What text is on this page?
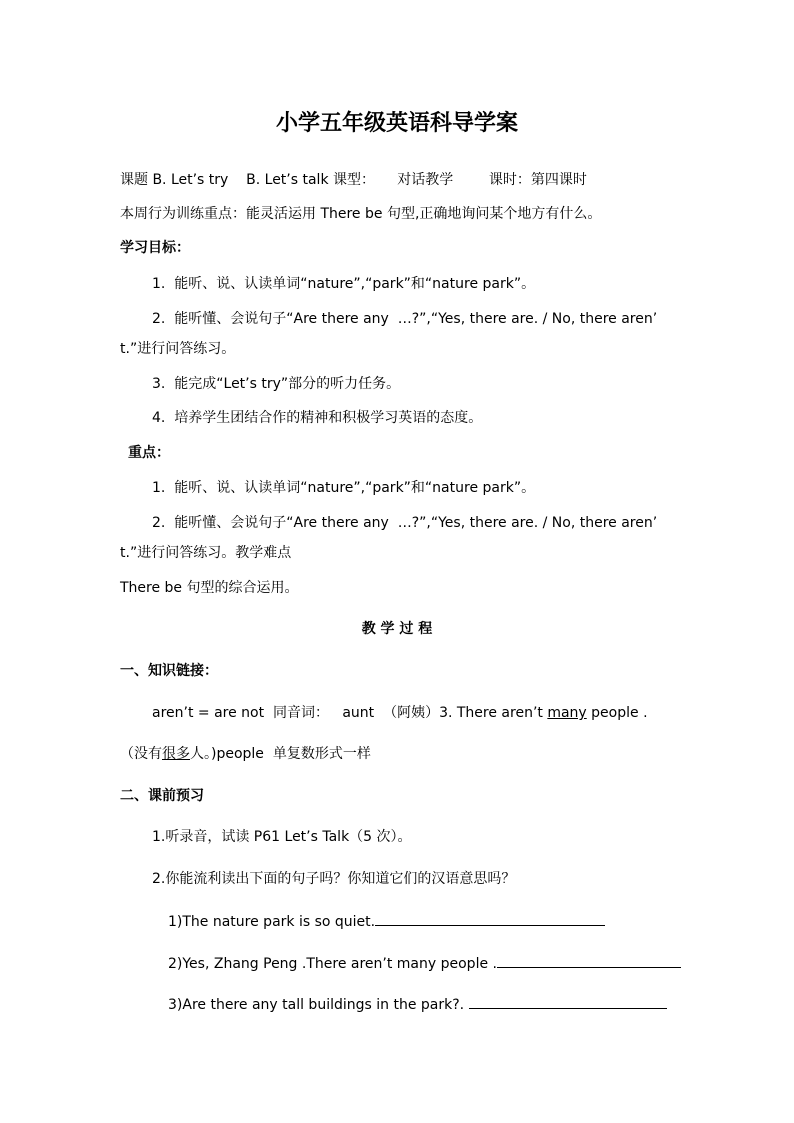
小学五年级英语科导学案
课题 B. Let’s try    B. Let’s talk 课型：     对话教学        课时：第四课时
本周行为训练重点：能灵活运用 There be 句型,正确地询问某个地方有什么。
学习目标：
1.  能听、说、认读单词“nature”,“park”和“nature park”。
2.  能听懂、会说句子“Are there any  …?”,“Yes, there are. / No, there aren’
t.”进行问答练习。
3.  能完成“Let’s try”部分的听力任务。
4.  培养学生团结合作的精神和积极学习英语的态度。
重点：
1.  能听、说、认读单词“nature”,“park”和“nature park”。
2.  能听懂、会说句子“Are there any  …?”,“Yes, there are. / No, there aren’
t.”进行问答练习。教学难点
There be 句型的综合运用。
教 学 过 程
一、知识链接：
aren’t = are not  同音词：   aunt  （阿姨）3. There aren’t many people .
（没有很多人。)people  单复数形式一样
二、课前预习
1.听录音，试读 P61 Let’s Talk（5 次）。
2.你能流利读出下面的句子吗？你知道它们的汉语意思吗？
1)The nature park is so quiet.
2)Yes, Zhang Peng .There aren’t many people .
3)Are there any tall buildings in the park?.
